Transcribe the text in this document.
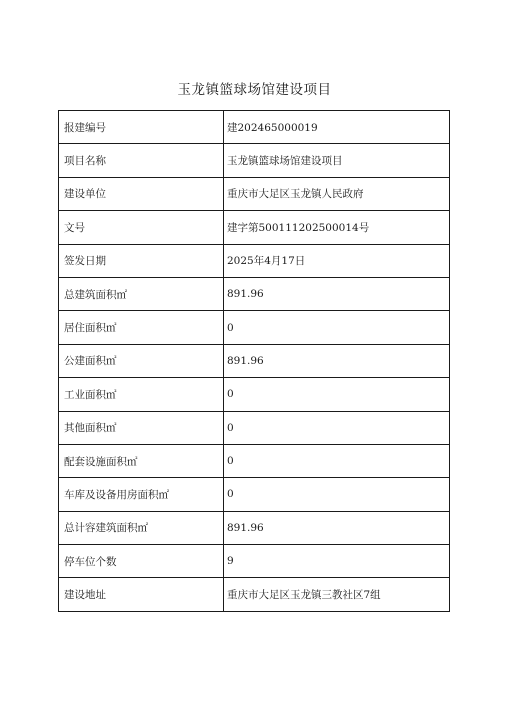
玉龙镇篮球场馆建设项目
报建编号	建202465000019
项目名称	玉龙镇篮球场馆建设项目
建设单位	重庆市大足区玉龙镇人民政府
文号	建字第500111202500014号
签发日期	2025年4月17日
总建筑面积㎡	891.96
居住面积㎡	0
公建面积㎡	891.96
工业面积㎡	0
其他面积㎡	0
配套设施面积㎡	0
车库及设备用房面积㎡	0
总计容建筑面积㎡	891.96
停车位个数	9
建设地址	重庆市大足区玉龙镇三教社区7组
